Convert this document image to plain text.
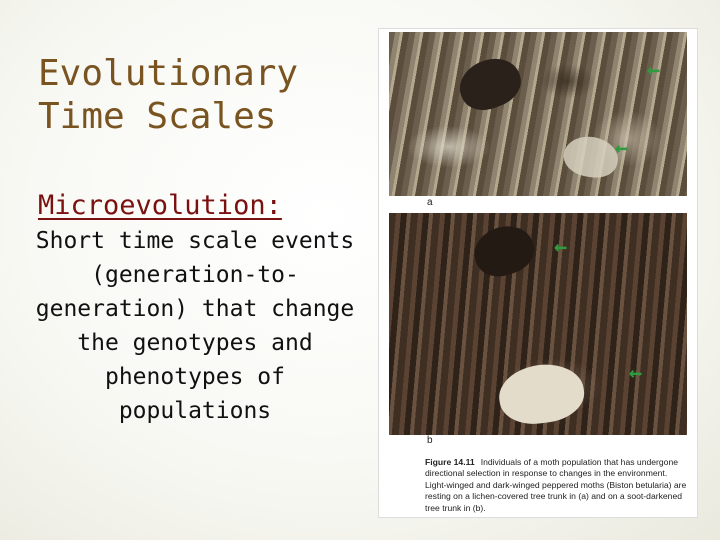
Evolutionary Time Scales
Microevolution:
Short time scale events (generation-to-generation) that change the genotypes and phenotypes of populations
←
←
a
←
←
b
Figure 14.11 Individuals of a moth population that has undergone directional selection in response to changes in the environment. Light-winged and dark-winged peppered moths (Biston betularia) are resting on a lichen-covered tree trunk in (a) and on a soot-darkened tree trunk in (b).
